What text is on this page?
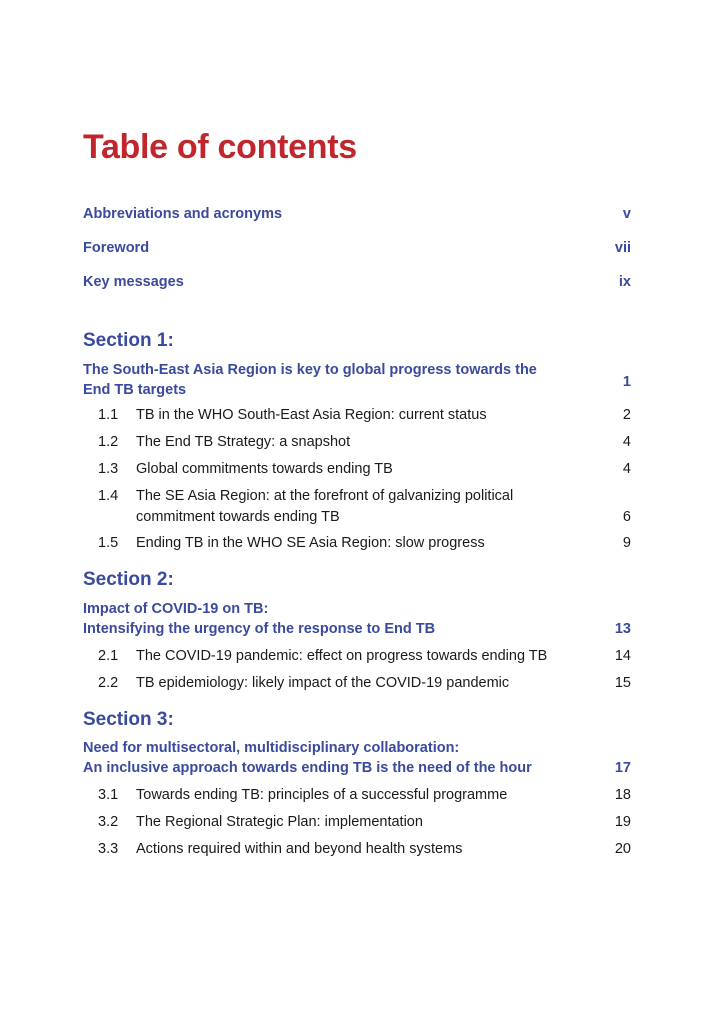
Table of contents
Abbreviations and acronyms	v
Foreword	vii
Key messages	ix
Section 1:
The South-East Asia Region is key to global progress towards the
End TB targets	1
1.1 TB in the WHO South-East Asia Region: current status	2
1.2 The End TB Strategy: a snapshot	4
1.3 Global commitments towards ending TB	4
1.4 The SE Asia Region: at the forefront of galvanizing political commitment towards ending TB	6
1.5 Ending TB in the WHO SE Asia Region: slow progress	9
Section 2:
Impact of COVID-19 on TB:
Intensifying the urgency of the response to End TB	13
2.1 The COVID-19 pandemic: effect on progress towards ending TB	14
2.2 TB epidemiology: likely impact of the COVID-19 pandemic	15
Section 3:
Need for multisectoral, multidisciplinary collaboration:
An inclusive approach towards ending TB is the need of the hour	17
3.1 Towards ending TB: principles of a successful programme	18
3.2 The Regional Strategic Plan: implementation	19
3.3 Actions required within and beyond health systems	20
